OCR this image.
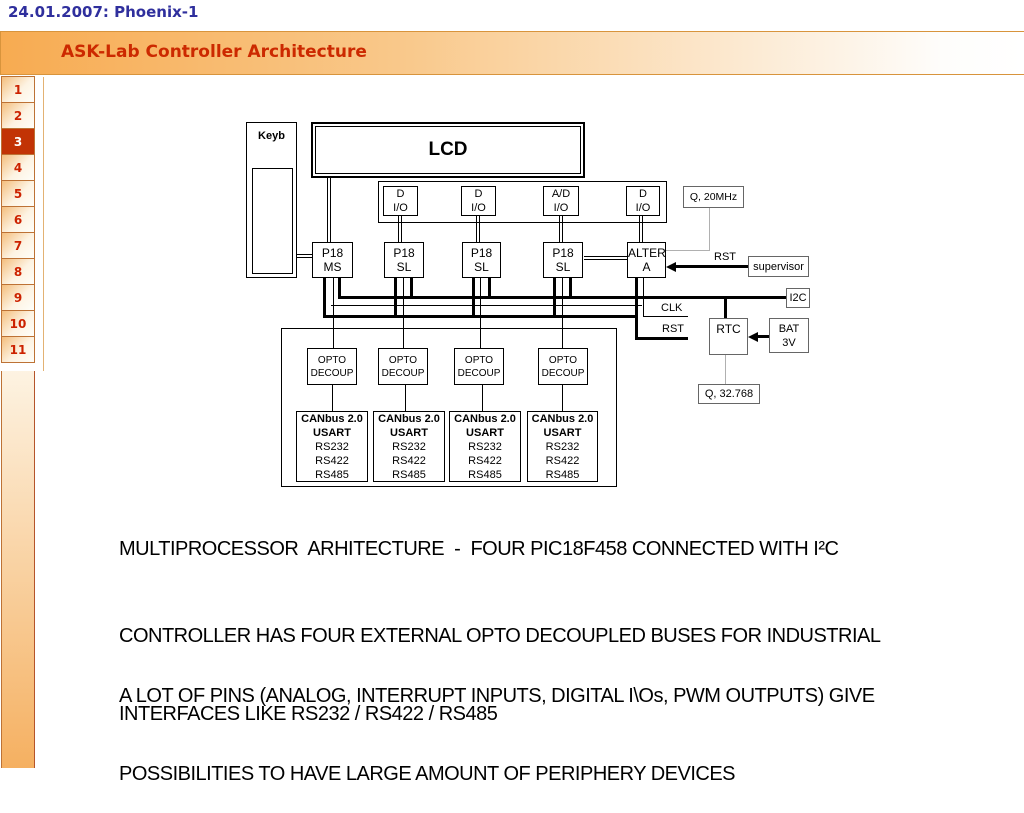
24.01.2007: Phoenix-1
ASK-Lab Controller Architecture
1
2
3
4
5
6
7
8
9
10
11
Keyb
LCD
D
I/O
D
I/O
A/D
I/O
D
I/O
P18
MS
P18
SL
P18
SL
P18
SL
ALTER
A
Q, 20MHz
supervisor
I2C
RTC	BAT
3V
Q, 32.768
OPTO
DECOUP
OPTO
DECOUP
OPTO
DECOUP
OPTO
DECOUP
CANbus 2.0
USART
RS232
RS422
RS485
CANbus 2.0
USART
RS232
RS422
RS485
CANbus 2.0
USART
RS232
RS422
RS485
CANbus 2.0
USART
RS232
RS422
RS485
RST
CLK
RST
MULTIPROCESSOR  ARHITECTURE  -  FOUR PIC18F458 CONNECTED WITH I²C

CONTROLLER HAS FOUR EXTERNAL OPTO DECOUPLED BUSES FOR INDUSTRIAL

INTERFACES LIKE RS232 / RS422 / RS485

A LOT OF PINS (ANALOG, INTERRUPT INPUTS, DIGITAL I\Os, PWM OUTPUTS) GIVE

POSSIBILITIES TO HAVE LARGE AMOUNT OF PERIPHERY DEVICES
